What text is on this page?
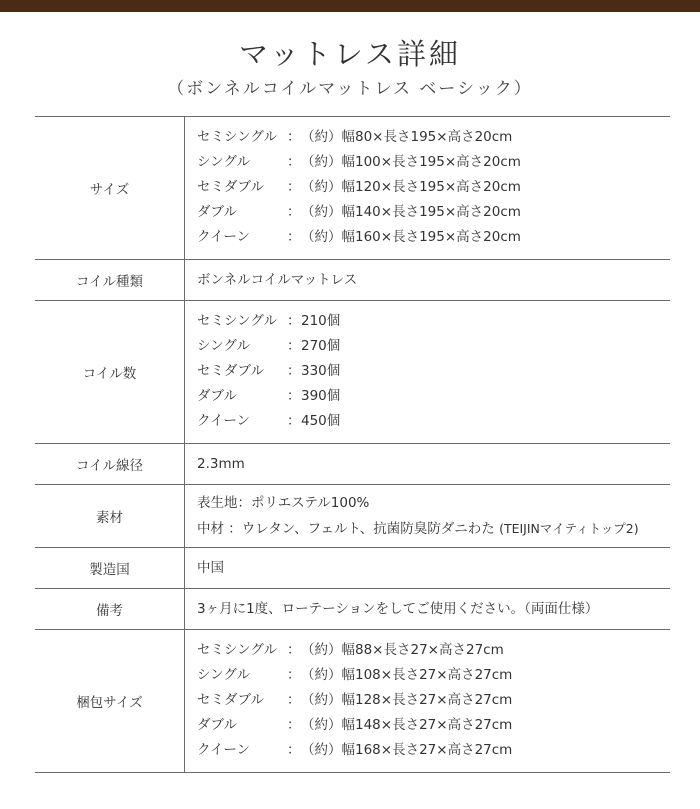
マットレス詳細
（ボンネルコイルマットレス ベーシック）
サイズ	セミシングル ：（約）幅80×長さ195×高さ20cm
シングル ：（約）幅100×長さ195×高さ20cm
セミダブル ：（約）幅120×長さ195×高さ20cm
ダブル ：（約）幅140×長さ195×高さ20cm
クイーン ：（約）幅160×長さ195×高さ20cm

コイル種類	ボンネルコイルマットレス

コイル数	セミシングル ：210個
シングル ：270個
セミダブル ：330個
ダブル ：390個
クイーン ：450個

コイル線径	2.3mm

素材	表生地：ポリエステル100%
中材 ：ウレタン、フェルト、抗菌防臭防ダニわた (TEIJINマイティトップ2)

製造国	中国

備考	3ヶ月に1度、ローテーションをしてご使用ください。（両面仕様）

梱包サイズ	セミシングル ：（約）幅88×長さ27×高さ27cm
シングル ：（約）幅108×長さ27×高さ27cm
セミダブル ：（約）幅128×長さ27×高さ27cm
ダブル ：（約）幅148×長さ27×高さ27cm
クイーン ：（約）幅168×長さ27×高さ27cm
